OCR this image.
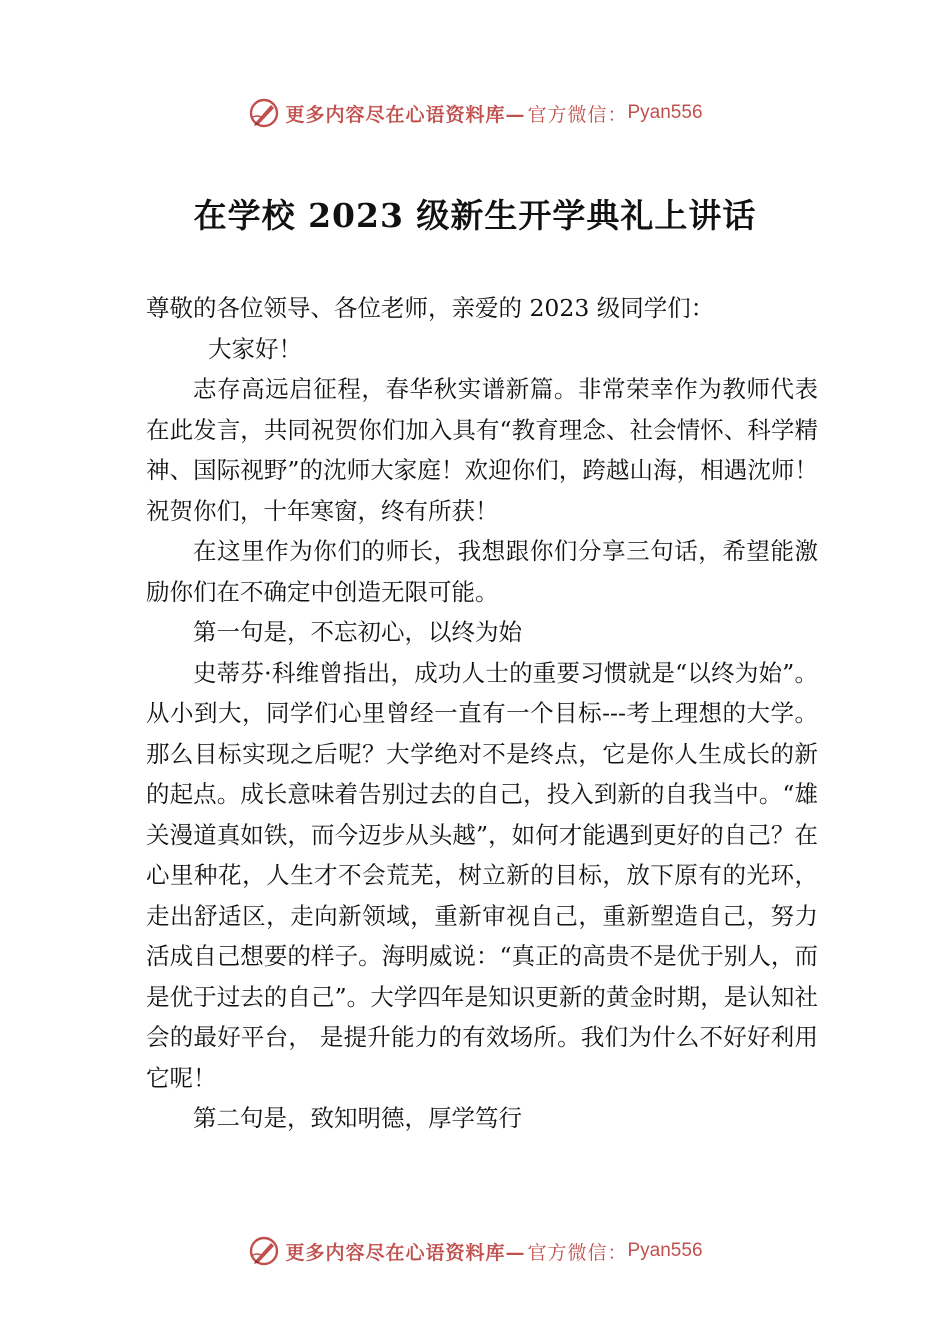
更多内容尽在心语资料库— 官方微信： Pyan556
在学校 2023 级新生开学典礼上讲话

尊敬的各位领导、各位老师，亲爱的 2023 级同学们：

大家好！

志存高远启征程，春华秋实谱新篇。非常荣幸作为教师代表在此发言，共同祝贺你们加入具有“教育理念、社会情怀、科学精神、国际视野”的沈师大家庭！欢迎你们，跨越山海，相遇沈师！祝贺你们，十年寒窗，终有所获！

在这里作为你们的师长，我想跟你们分享三句话，希望能激励你们在不确定中创造无限可能。

第一句是，不忘初心，以终为始

史蒂芬·科维曾指出，成功人士的重要习惯就是“以终为始”。从小到大，同学们心里曾经一直有一个目标---考上理想的大学。那么目标实现之后呢？大学绝对不是终点，它是你人生成长的新的起点。成长意味着告别过去的自己，投入到新的自我当中。“雄关漫道真如铁，而今迈步从头越”，如何才能遇到更好的自己？在心里种花，人生才不会荒芜，树立新的目标，放下原有的光环，走出舒适区，走向新领域，重新审视自己，重新塑造自己，努力活成自己想要的样子。海明威说：“真正的高贵不是优于别人，而是优于过去的自己”。大学四年是知识更新的黄金时期，是认知社会的最好平台， 是提升能力的有效场所。我们为什么不好好利用它呢！

第二句是，致知明德，厚学笃行

更多内容尽在心语资料库— 官方微信： Pyan556
